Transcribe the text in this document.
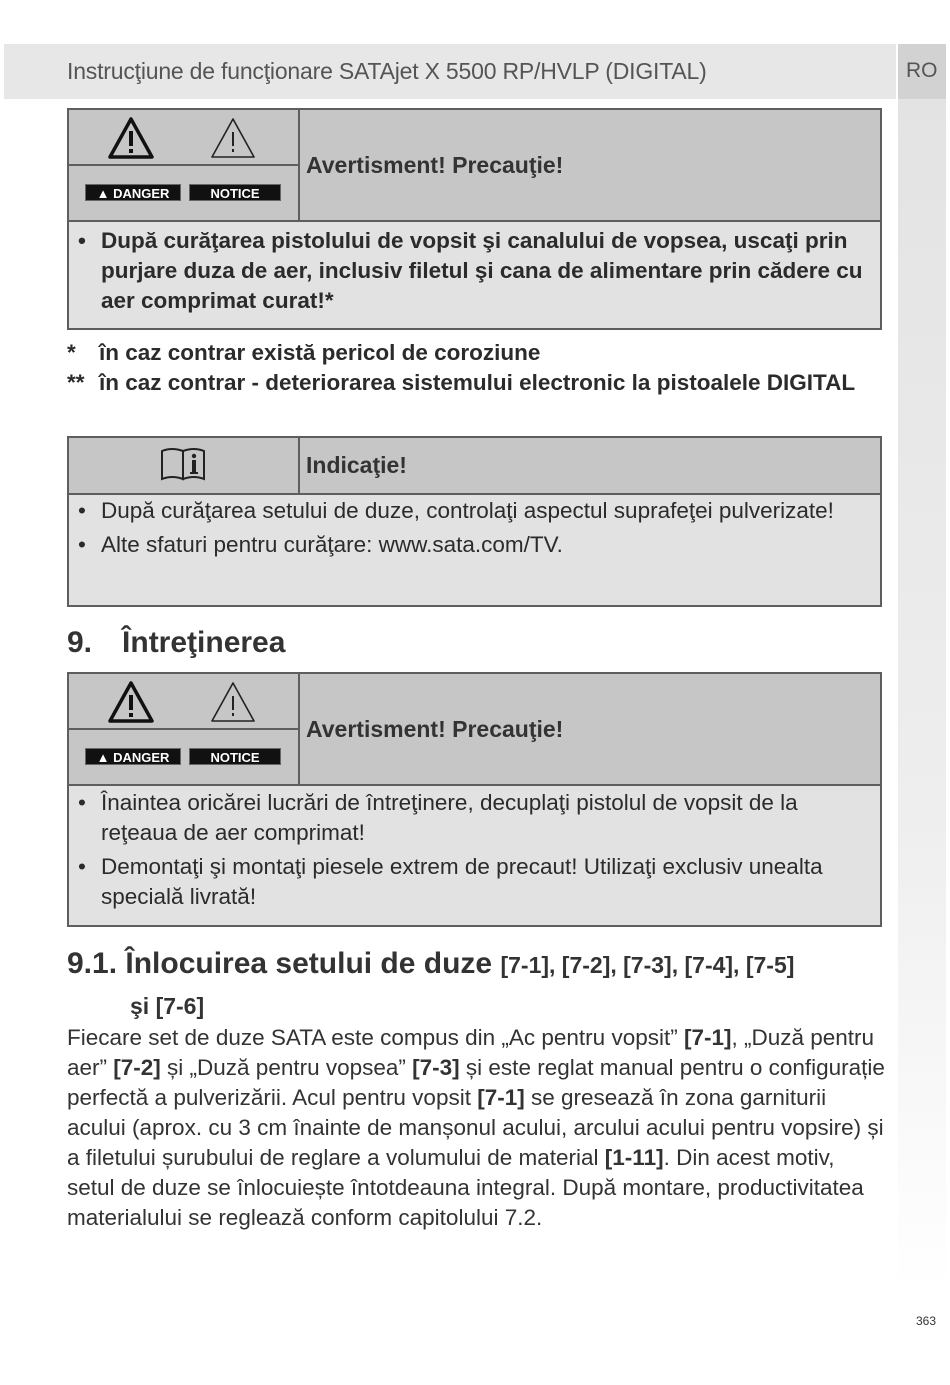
Instrucţiune de funcţionare SATAjet X 5500 RP/HVLP (DIGITAL)	RO
▲ DANGER	NOTICE
Avertisment! Precauţie!
• După curăţarea pistolului de vopsit şi canalului de vopsea, uscaţi prin purjare duza de aer, inclusiv filetul şi cana de alimentare prin cădere cu aer comprimat curat!*
* în caz contrar există pericol de coroziune
** în caz contrar - deteriorarea sistemului electronic la pistoalele DIGITAL
Indicaţie!
• După curăţarea setului de duze, controlaţi aspectul suprafeţei pulverizate!
• Alte sfaturi pentru curăţare: www.sata.com/TV.
9. Întreţinerea
▲ DANGER	NOTICE
Avertisment! Precauţie!
• Înaintea oricărei lucrări de întreţinere, decuplaţi pistolul de vopsit de la reţeaua de aer comprimat!
• Demontaţi şi montaţi piesele extrem de precaut! Utilizaţi exclusiv unealta specială livrată!
9.1. Înlocuirea setului de duze [7-1], [7-2], [7-3], [7-4], [7-5]
şi [7-6]
Fiecare set de duze SATA este compus din „Ac pentru vopsit” [7-1], „Duză pentru aer” [7-2] și „Duză pentru vopsea” [7-3] și este reglat manual pentru o configurație perfectă a pulverizării. Acul pentru vopsit [7-1] se gresează în zona garniturii acului (aprox. cu 3 cm înainte de manșonul acului, arcului acului pentru vopsire) și a filetului șurubului de reglare a volumului de material [1-11]. Din acest motiv, setul de duze se înlocuiește întotdeauna integral. După montare, productivitatea materialului se reglează conform capitolului 7.2.
363
